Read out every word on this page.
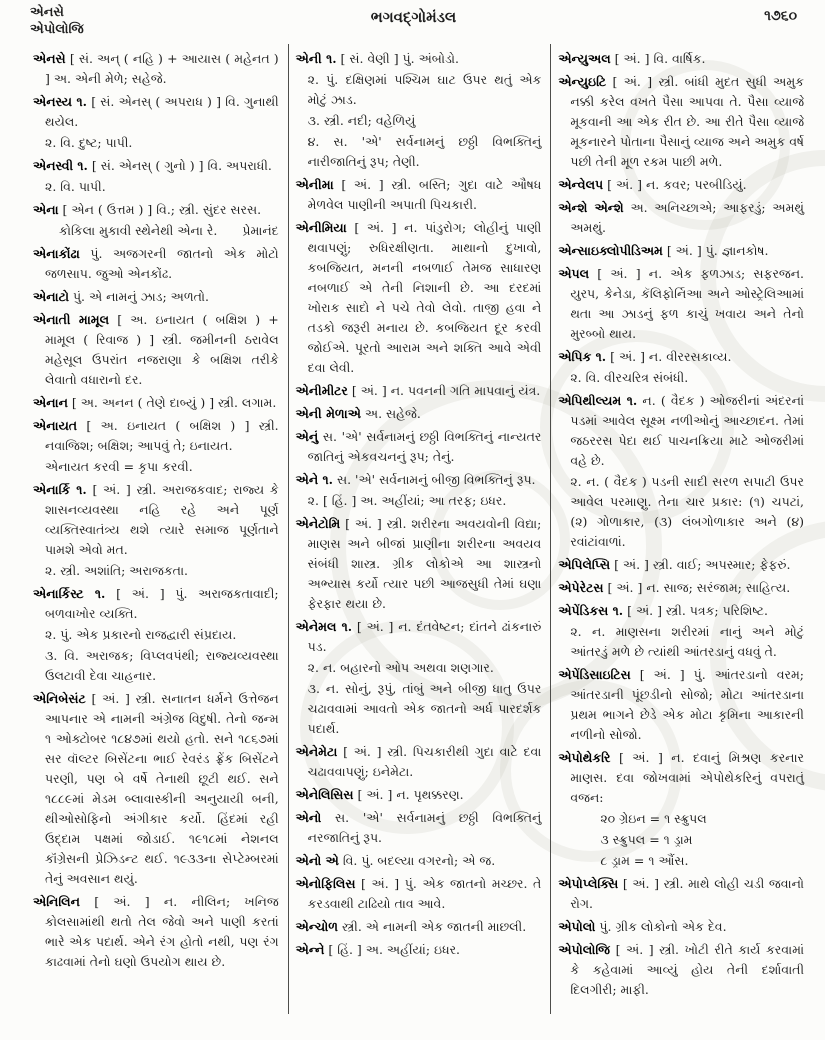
એનસે
એપોલોજિ
ભગવદ્ગોમંડલ	૧૭૬૦
એનસે [ સં. અન્ ( નહિ ) + આયાસ ( મહેનત ) ] અ. એની મેળે; સહેજે.
એનસ્ય ૧. [ સં. એનસ્ ( અપરાધ ) ] વિ. ગુનાથી થયેલ.
૨. વિ. દુષ્ટ; પાપી.
એનસ્વી ૧. [ સં. એનસ્ ( ગુનો ) ] વિ. અપરાધી.
૨. વિ. પાપી.
એના [ એન ( ઉત્તમ ) ] વિ.; સ્ત્રી. સુંદર સરસ.
કોકિલા મુકાવી સ્થેનેથી એના રે.	પ્રેમાનંદ
એનાકોંઢા પું. અજગરની જાતનો એક મોટો જળસાપ. જુઓ એનકોંઢ.
એનાટો પું. એ નામનું ઝાડ; અળતો.
એનાતી મામૂલ [ અ. ઇનાયત ( બક્ષિશ ) + મામૂલ ( રિવાજ ) ] સ્ત્રી. જમીનની ઠરાવેલ મહેસૂલ ઉપરાંત નજરાણા કે બક્ષિશ તરીકે લેવાતો વધારાનો દર.
એનાન [ અ. અનન ( તેણે દાબ્યું ) ] સ્ત્રી. લગામ.
એનાયત [ અ. ઇનાયત ( બક્ષિશ ) ] સ્ત્રી. નવાજિશ; બક્ષિશ; આપવું તે; ઇનાયત.
એનાયત કરવી = કૃપા કરવી.
એનાર્કિ ૧. [ અં. ] સ્ત્રી. અરાજકવાદ; રાજ્ય કે શાસનવ્યવસ્થા નહિ રહે અને પૂર્ણ વ્યક્તિસ્વાતંત્ર્ય થશે ત્યારે સમાજ પૂર્ણતાને પામશે એવો મત.
૨. સ્ત્રી. અશાંતિ; અરાજકતા.
એનાર્કિસ્ટ ૧. [ અં. ] પું. અરાજકતાવાદી; બળવાખોર વ્યક્તિ.
૨. પું. એક પ્રકારનો રાજદ્વારી સંપ્રદાય.
૩. વિ. અરાજક; વિપ્લવપંથી; રાજ્યવ્યવસ્થા ઉલટાવી દેવા ચાહનાર.
એનિબેસંટ [ અં. ] સ્ત્રી. સનાતન ધર્મને ઉત્તેજન આપનાર એ નામની અંગ્રેજ વિદુષી. તેનો જન્મ ૧ ઓક્ટોબર ૧૮૪૭માં થયો હતો. સને ૧૮૬૭માં સર વૉલ્ટર બિસેંટના ભાઈ રેવરંડ ફ્રેંક બિસેંટને પરણી, પણ બે વર્ષે તેનાથી છૂટી થઈ. સને ૧૮૮૯માં મેડમ બ્લાવાસ્કીની અનુયાયી બની, થીઓસોફિનો અંગીકાર કર્યો. હિંદમાં રહી ઉદ્દામ પક્ષમાં જોડાઈ. ૧૯૧૮માં નેશનલ કૉંગ્રેસની પ્રેઝિડન્ટ થઈ. ૧૯૩૩ના સેપ્ટેમ્બરમાં તેનું અવસાન થયું.
એનિલિન [ અં. ] ન. નીલિન; ખનિજ કોલસામાંથી થતો તેલ જેવો અને પાણી કરતાં ભારે એક પદાર્થ. એને રંગ હોતો નથી, પણ રંગ કાઢવામાં તેનો ઘણો ઉપયોગ થાય છે.
એની ૧. [ સં. વેણી ] પું. અંબોડો.
૨. પું. દક્ષિણમાં પશ્ચિમ ઘાટ ઉપર થતું એક મોટું ઝાડ.
૩. સ્ત્રી. નદી; વહેળિયું
૪. સ. 'એ' સર્વનામનું છઠ્ઠી વિભક્તિનું નારીજાતિનું રૂપ; તેણી.
એનીમા [ અં. ] સ્ત્રી. બસ્તિ; ગુદા વાટે ઔષધ મેળવેલ પાણીની અપાતી પિચકારી.
એનીમિયા [ અં. ] ન. પાંડુરોગ; લોહીનું પાણી થવાપણું; રુધિરક્ષીણતા. માથાનો દુખાવો, કબજિયત, મનની નબળાઈ તેમજ સાધારણ નબળાઈ એ તેની નિશાની છે. આ દરદમાં ખોરાક સાદો ને પચે તેવો લેવો. તાજી હવા ને તડકો જરૂરી મનાય છે. કબજિયત દૂર કરવી જોઈએ. પૂરતો આરામ અને શક્તિ આવે એવી દવા લેવી.
એનીમીટર [ અં. ] ન. પવનની ગતિ માપવાનું યંત્ર.
એની મેળાએ અ. સહેજે.
એનું સ. 'એ' સર્વનામનું છઠ્ઠી વિભક્તિનું નાન્યતર જાતિનું એકવચનનું રૂપ; તેનું.
એને ૧. સ. 'એ' સર્વનામનું બીજી વિભક્તિનું રૂપ.
૨. [ હિં. ] અ. અહીંયાં; આ તરફ; ઇધર.
એનેટોમિ [ અં. ] સ્ત્રી. શરીરના અવયવોની વિદ્યા; માણસ અને બીજાં પ્રાણીના શરીરના અવયવ સંબંધી શાસ્ત્ર. ગ્રીક લોકોએ આ શાસ્ત્રનો અભ્યાસ કર્યો ત્યાર પછી આજસુધી તેમાં ઘણા ફેરફાર થયા છે.
એનેમલ ૧. [ અં. ] ન. દંતવેષ્ટન; દાંતને ઢાંકનારું પડ.
૨. ન. બહારનો ઓપ અથવા શણગાર.
૩. ન. સોનું, રૂપું, તાંબું અને બીજી ધાતુ ઉપર ચઢાવવામાં આવતો એક જાતનો અર્ધ પારદર્શક પદાર્થ.
એનેમેટા [ અં. ] સ્ત્રી. પિચકારીથી ગુદા વાટે દવા ચઢાવવાપણું; ઇનેમેટા.
એનેલિસિસ [ અં. ] ન. પૃથક્કરણ.
એનો સ. 'એ' સર્વનામનું છઠ્ઠી વિભક્તિનું નરજાતિનું રૂપ.
એનો એ વિ. પું. બદલ્યા વગરનો; એ જ.
એનોફિલિસ [ અં. ] પું. એક જાતનો મચ્છર. તે કરડવાથી ટાઢિયો તાવ આવે.
એન્ચોળ સ્ત્રી. એ નામની એક જાતની માછલી.
એન્ને [ હિં. ] અ. અહીંયાં; ઇધર.
એન્યુઅલ [ અં. ] વિ. વાર્ષિક.
એન્યુઇટિ [ અં. ] સ્ત્રી. બાંધી મુદત સુધી અમુક નક્કી કરેલ વખતે પૈસા આપવા તે. પૈસા વ્યાજે મૂકવાની આ એક રીત છે. આ રીતે પૈસા વ્યાજે મૂકનારને પોતાના પૈસાનું વ્યાજ અને અમુક વર્ષ પછી તેની મૂળ રકમ પાછી મળે.
એન્વેલપ [ અં. ] ન. કવર; પરબીડિયું.
એન્શે એન્શે અ. અનિચ્છાએ; આફરડું; અમથું અમથું.
એન્સાઇક્લોપીડિઅમ [ અં. ] પું. જ્ઞાનકોષ.
એપલ [ અં. ] ન. એક ફળઝાડ; સફરજન. યુરપ, કેનેડા, કૅલિફોર્નિઆ અને ઓસ્ટ્રેલિઆમાં થતા આ ઝાડનું ફળ કાચું ખવાય અને તેનો મુરબ્બો થાય.
એપિક ૧. [ અં. ] ન. વીરરસકાવ્ય.
૨. વિ. વીરચરિત્ર સંબંધી.
એપિથીલ્યમ ૧. ન. ( વૈદક ) ઓજરીનાં અંદરનાં પડમાં આવેલ સૂક્ષ્મ નળીઓનું આચ્છાદન. તેમાં જઠરરસ પેદા થઈ પાચનક્રિયા માટે ઓજરીમાં વહે છે.
૨. ન. ( વૈદક ) પડની સાદી સરળ સપાટી ઉપર આવેલ પરમાણુ. તેના ચાર પ્રકાર: (૧) ચપટાં, (૨) ગોળાકાર, (૩) લંબગોળાકાર અને (૪) રવાંટાંવાળાં.
એપિલેપ્સિ [ અં. ] સ્ત્રી. વાઈ; અપસ્માર; ફેફરું.
એપેરેટસ [ અં. ] ન. સાજ; સરંજામ; સાહિત્ય.
એપેંડિકસ ૧. [ અં. ] સ્ત્રી. પત્રક; પરિશિષ્ટ.
૨. ન. માણસના શરીરમાં નાનું અને મોટું આંતરડું મળે છે ત્યાંથી આંતરડાનું વધવું તે.
એપેંડિસાઇટિસ [ અં. ] પું. આંતરડાનો વરમ; આંતરડાની પૂંછડીનો સોજો; મોટા આંતરડાના પ્રથમ ભાગને છેડે એક મોટા કૃમિના આકારની નળીનો સોજો.
એપોથેકરિ [ અં. ] ન. દવાનું મિશ્રણ કરનાર માણસ. દવા જોખવામાં એપોથેકરિનું વપરાતું વજન:
૨૦ ગ્રેઇન = ૧ સ્ક્રુપલ
૩ સ્ક્રુપલ = ૧ ડ્રામ
૮ ડ્રામ = ૧ ઔંસ.
એપોપ્લેક્સિ [ અં. ] સ્ત્રી. માથે લોહી ચડી જવાનો રોગ.
એપોલો પું. ગ્રીક લોકોનો એક દેવ.
એપોલોજિ [ અં. ] સ્ત્રી. ખોટી રીતે કાર્ય કરવામાં કે કહેવામાં આવ્યું હોય તેની દર્શાવાતી દિલગીરી; માફી.
